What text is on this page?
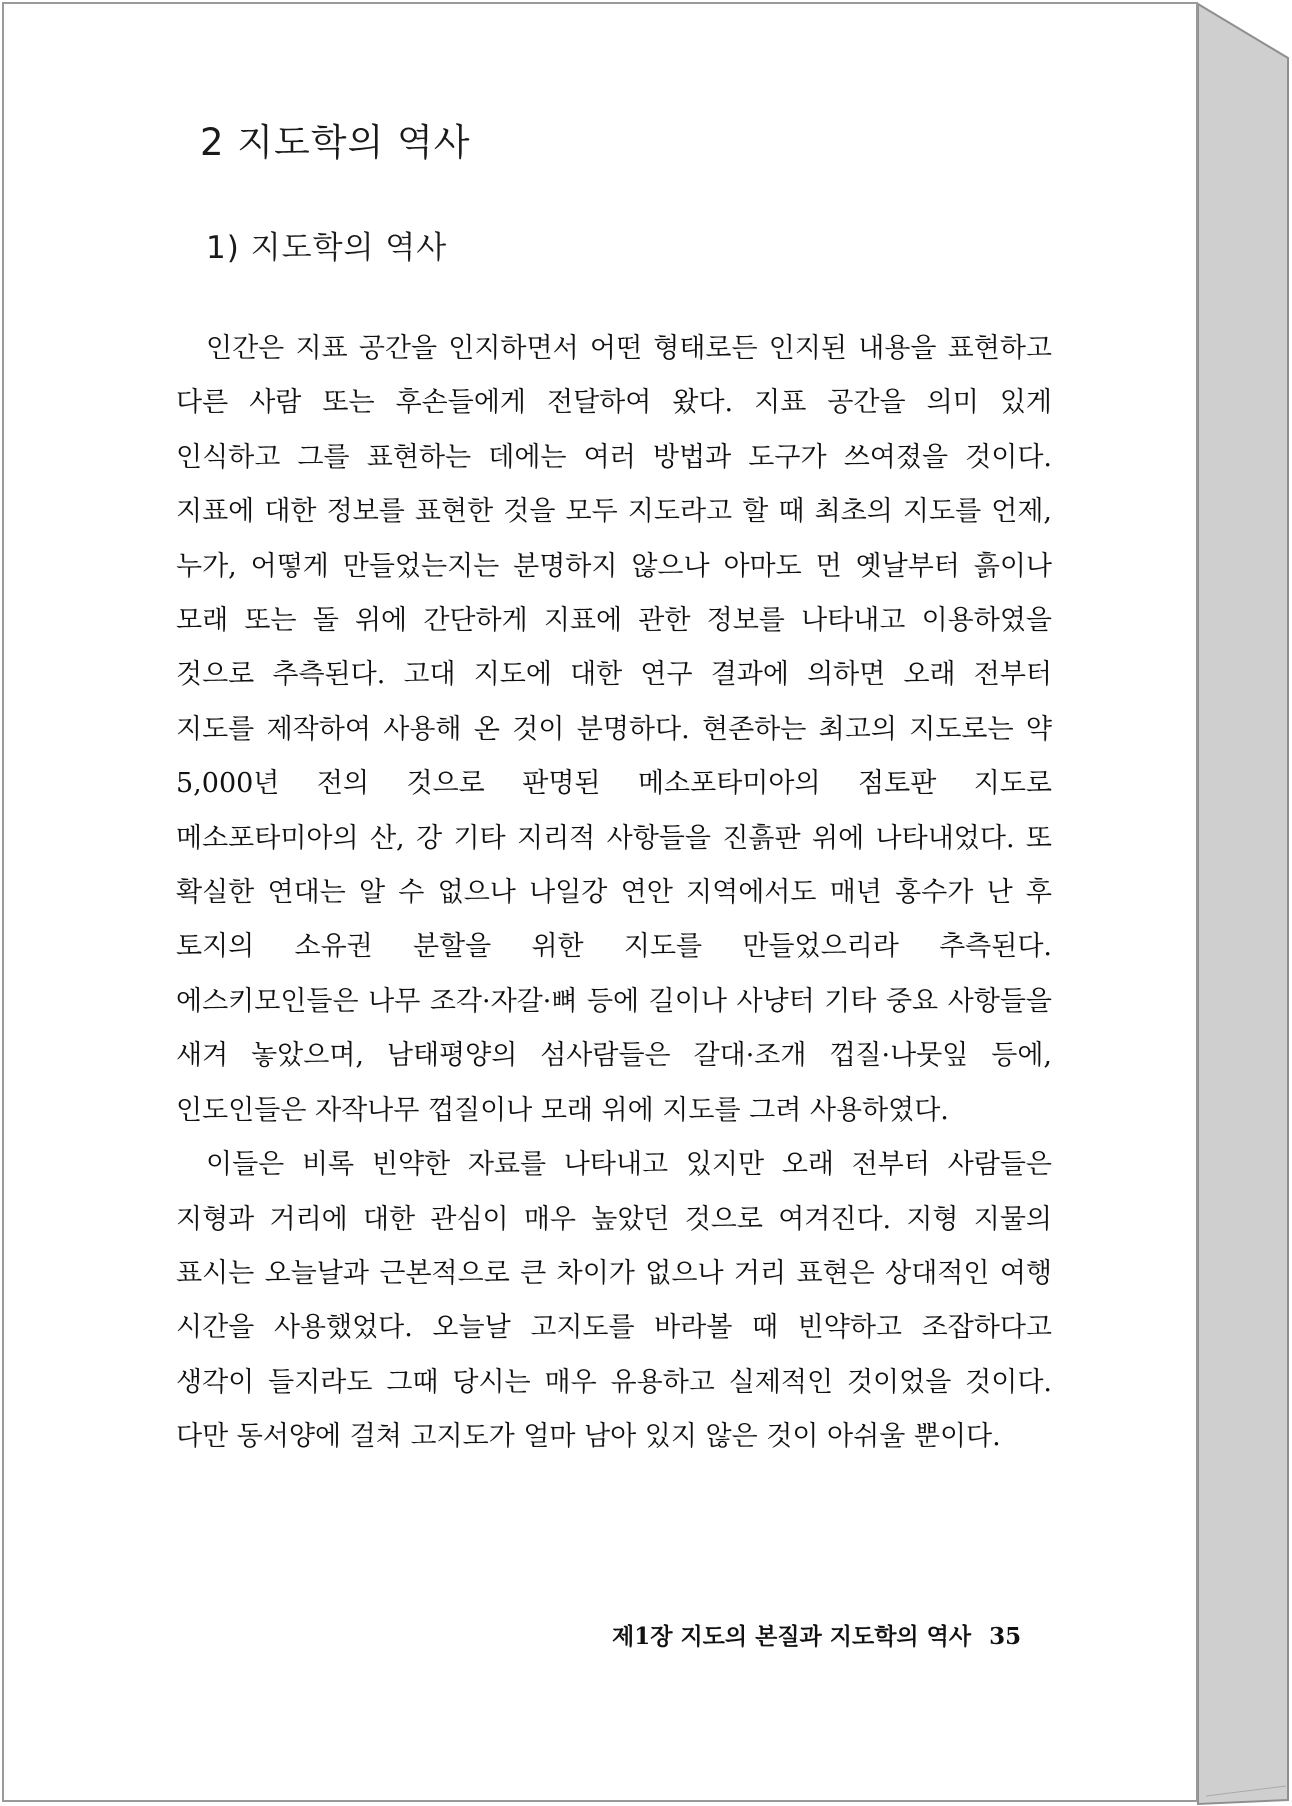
2 지도학의 역사
1) 지도학의 역사

인간은 지표 공간을 인지하면서 어떤 형태로든 인지된 내용을 표현하고 다른 사람 또는 후손들에게 전달하여 왔다. 지표 공간을 의미 있게 인식하고 그를 표현하는 데에는 여러 방법과 도구가 쓰여졌을 것이다. 지표에 대한 정보를 표현한 것을 모두 지도라고 할 때 최초의 지도를 언제, 누가, 어떻게 만들었는지는 분명하지 않으나 아마도 먼 옛날부터 흙이나 모래 또는 돌 위에 간단하게 지표에 관한 정보를 나타내고 이용하였을 것으로 추측된다. 고대 지도에 대한 연구 결과에 의하면 오래 전부터 지도를 제작하여 사용해 온 것이 분명하다. 현존하는 최고의 지도로는 약 5,000년 전의 것으로 판명된 메소포타미아의 점토판 지도로 메소포타미아의 산, 강 기타 지리적 사항들을 진흙판 위에 나타내었다. 또 확실한 연대는 알 수 없으나 나일강 연안 지역에서도 매년 홍수가 난 후 토지의 소유권 분할을 위한 지도를 만들었으리라 추측된다. 에스키모인들은 나무 조각·자갈·뼈 등에 길이나 사냥터 기타 중요 사항들을 새겨 놓았으며, 남태평양의 섬사람들은 갈대·조개 껍질·나뭇잎 등에, 인도인들은 자작나무 껍질이나 모래 위에 지도를 그려 사용하였다.

이들은 비록 빈약한 자료를 나타내고 있지만 오래 전부터 사람들은 지형과 거리에 대한 관심이 매우 높았던 것으로 여겨진다. 지형 지물의 표시는 오늘날과 근본적으로 큰 차이가 없으나 거리 표현은 상대적인 여행 시간을 사용했었다. 오늘날 고지도를 바라볼 때 빈약하고 조잡하다고 생각이 들지라도 그때 당시는 매우 유용하고 실제적인 것이었을 것이다. 다만 동서양에 걸쳐 고지도가 얼마 남아 있지 않은 것이 아쉬울 뿐이다.

제1장 지도의 본질과 지도학의 역사 35
